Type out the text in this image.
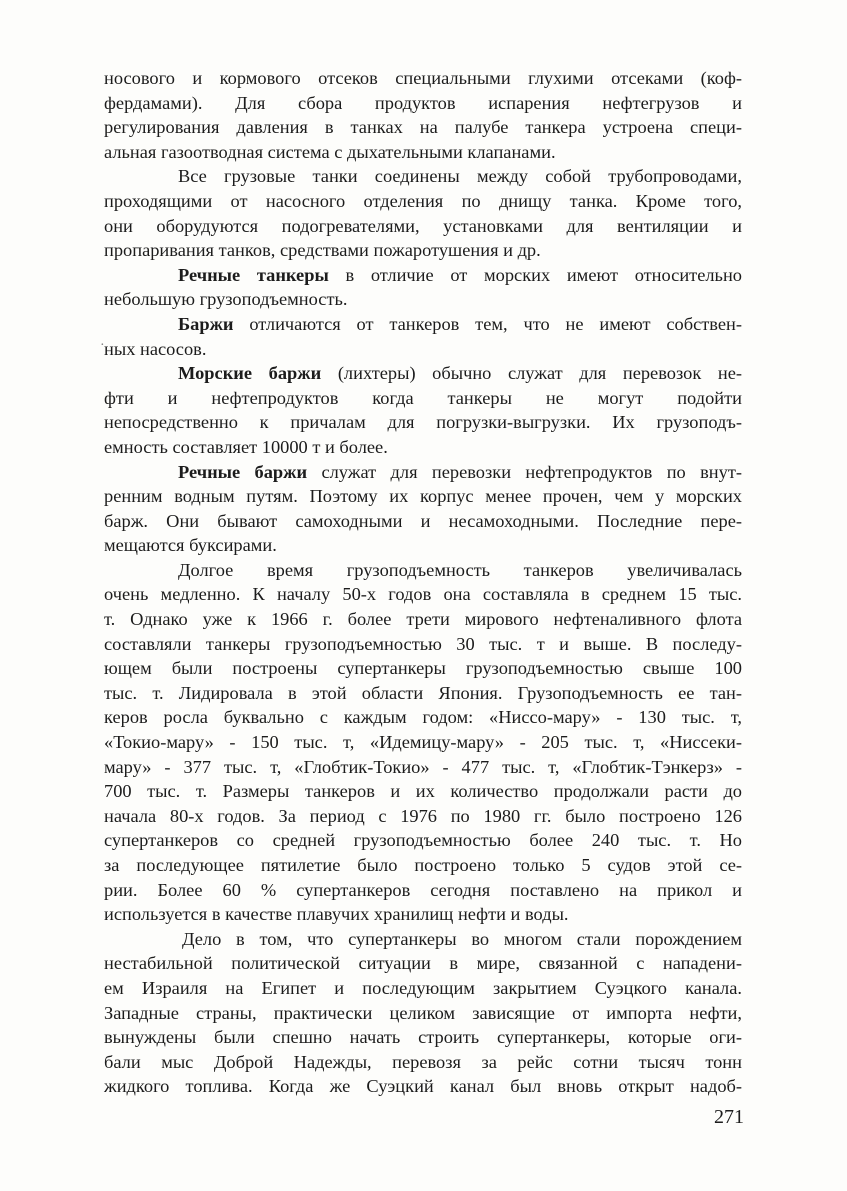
носового и кормового отсеков специальными глухими отсеками (коф-
фердамами). Для сбора продуктов испарения нефтегрузов и
регулирования давления в танках на палубе танкера устроена специ-
альная газоотводная система с дыхательными клапанами.
Все грузовые танки соединены между собой трубопроводами,
проходящими от насосного отделения по днищу танка. Кроме того,
они оборудуются подогревателями, установками для вентиляции и
пропаривания танков, средствами пожаротушения и др.
Речные танкеры в отличие от морских имеют относительно
небольшую грузоподъемность.
Баржи отличаются от танкеров тем, что не имеют собствен-
ных насосов.
Морские баржи (лихтеры) обычно служат для перевозок не-
фти и нефтепродуктов когда танкеры не могут подойти
непосредственно к причалам для погрузки-выгрузки. Их грузоподъ-
емность составляет 10000 т и более.
Речные баржи служат для перевозки нефтепродуктов по внут-
ренним водным путям. Поэтому их корпус менее прочен, чем у морских
барж. Они бывают самоходными и несамоходными. Последние пере-
мещаются буксирами.
Долгое время грузоподъемность танкеров увеличивалась
очень медленно. К началу 50-х годов она составляла в среднем 15 тыс.
т. Однако уже к 1966 г. более трети мирового нефтеналивного флота
составляли танкеры грузоподъемностью 30 тыс. т и выше. В последу-
ющем были построены супертанкеры грузоподъемностью свыше 100
тыс. т. Лидировала в этой области Япония. Грузоподъемность ее тан-
керов росла буквально с каждым годом: «Ниссо-мару» - 130 тыс. т,
«Токио-мару» - 150 тыс. т, «Идемицу-мару» - 205 тыс. т, «Ниссеки-
мару» - 377 тыс. т, «Глобтик-Токио» - 477 тыс. т, «Глобтик-Тэнкерз» -
700 тыс. т. Размеры танкеров и их количество продолжали расти до
начала 80-х годов. За период с 1976 по 1980 гг. было построено 126
супертанкеров со средней грузоподъемностью более 240 тыс. т. Но
за последующее пятилетие было построено только 5 судов этой се-
рии. Более 60 % супертанкеров сегодня поставлено на прикол и
используется в качестве плавучих хранилищ нефти и воды.
Дело в том, что супертанкеры во многом стали порождением
нестабильной политической ситуации в мире, связанной с нападени-
ем Израиля на Египет и последующим закрытием Суэцкого канала.
Западные страны, практически целиком зависящие от импорта нефти,
вынуждены были спешно начать строить супертанкеры, которые оги-
бали мыс Доброй Надежды, перевозя за рейс сотни тысяч тонн
жидкого топлива. Когда же Суэцкий канал был вновь открыт надоб-
·
271
